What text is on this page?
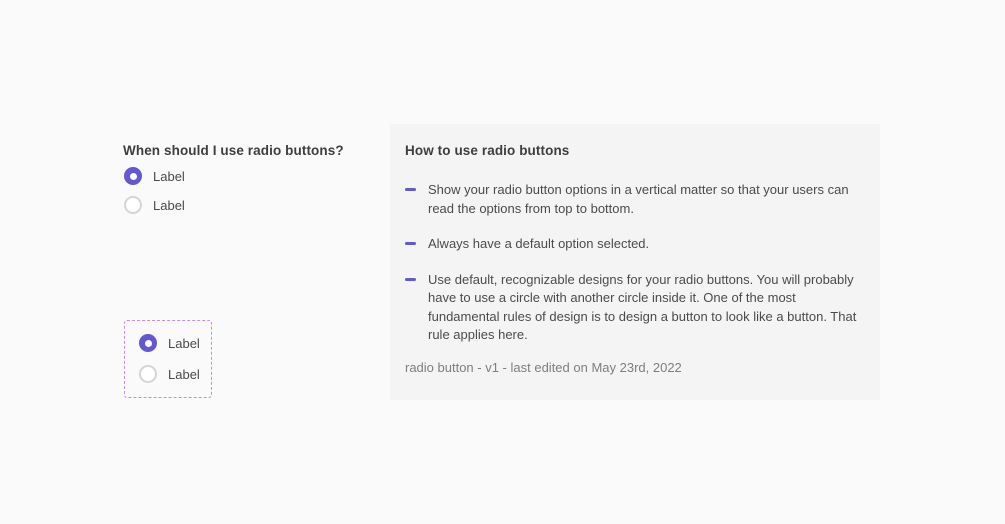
When should I use radio buttons?
Label
Label
Label
Label
How to use radio buttons

Show your radio button options in a vertical matter so that your users can read the options from top to bottom.

Always have a default option selected.

Use default, recognizable designs for your radio buttons. You will probably have to use a circle with another circle inside it. One of the most fundamental rules of design is to design a button to look like a button. That rule applies here.

radio button - v1 - last edited on May 23rd, 2022
